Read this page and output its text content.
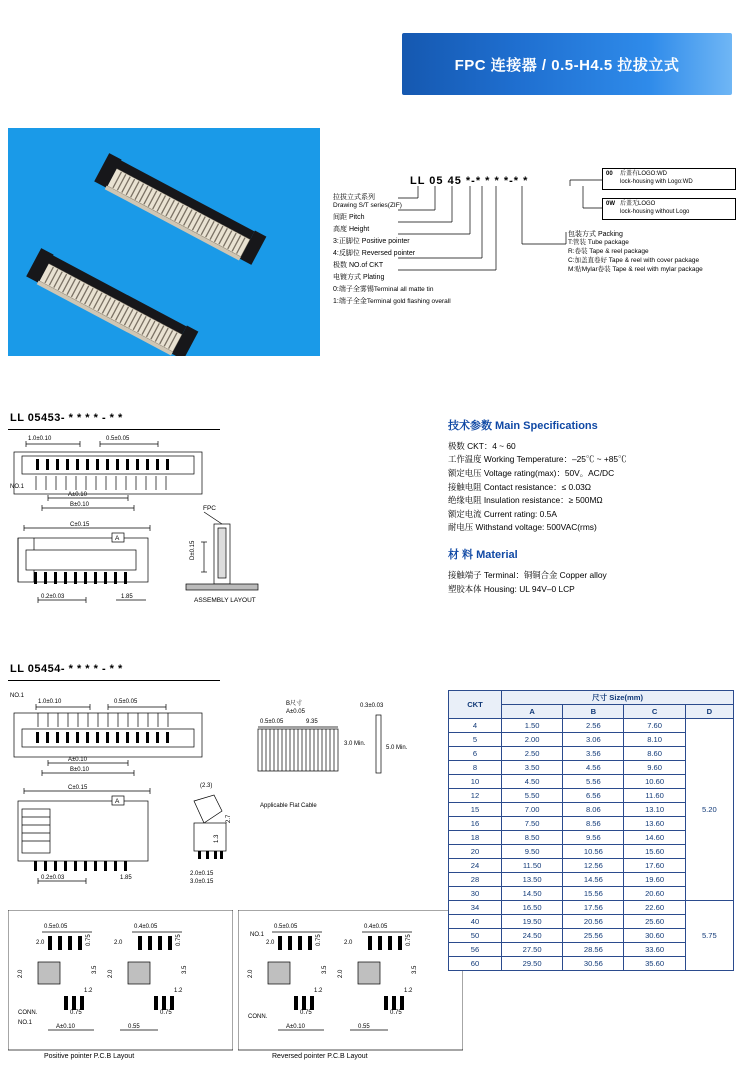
FPC 连接器 / 0.5-H4.5 拉拔立式
LL 05 45 *-* * * *-* *
拉拔立式系列
Drawing S/T series(ZIF)
间距 Pitch
高度 Height
3:正脚位 Positive pointer
4:反脚位 Reversed pointer
极数 NO.of CKT
电镀方式 Plating
0:端子全雾锡Terminal all matte tin
1:端子全金Terminal gold flashing overall
包装方式 Packing
T:管装 Tube package
R:卷装 Tape & reel package
C:加盖直卷好 Tape & reel with cover package
M:贴Mylar卷装 Tape & reel with mylar package
00 后盖有LOGO:WD
lock-housing with Logo:WD
0W 后盖无LOGO
lock-housing without Logo
技术参数 Main Specifications
极数 CKT：4 ~ 60
工作温度 Working Temperature：–25℃ ~ +85℃
额定电压 Voltage rating(max)：50V。AC/DC
接触电阻 Contact resistance：≤ 0.03Ω
绝缘电阻 Insulation resistance：≥ 500MΩ
额定电流 Current rating: 0.5A
耐电压 Withstand voltage: 500VAC(rms)
材 料 Material
接触端子 Terminal：铜铜合金 Copper alloy
塑胶本体 Housing: UL 94V–0 LCP
LL 05453- * * * * - * *
1.0±0.10	0.5±0.05
NO.1
A±0.10
B±0.10
C±0.15
A
0.2±0.03	1.85
FPC
D±0.15
ASSEMBLY LAYOUT
LL 05454- * * * * - * *
NO.1
1.0±0.10	0.5±0.05
A±0.10
B±0.10
C±0.15
A
0.2±0.03	1.85
B尺寸
A±0.05
0.5±0.05	9.35
3.0 Min.
0.3±0.03
5.0 Min.
Applicable Flat Cable
(2.3)
2.7
1.3
2.0±0.15
3.0±0.15
0.5±0.05	0.4±0.05
2.0	2.0
0.75	0.75
2.0	2.0
3.5	3.5
1.2	1.2
CONN.
NO.1
0.75	0.75
A±0.10	0.55
Positive pointer P.C.B Layout
0.5±0.05	0.4±0.05
NO.1
2.0	2.0
0.75	0.75
2.0	2.0
3.5	3.5
1.2	1.2
CONN.
0.75	0.75
A±0.10	0.55
Reversed pointer P.C.B Layout
CKT	尺寸 Size(mm)			
	A	B	C	D
4	1.50	2.56	7.60	5.20
5	2.00	3.06	8.10	
6	2.50	3.56	8.60	
8	3.50	4.56	9.60	
10	4.50	5.56	10.60	
12	5.50	6.56	11.60	
15	7.00	8.06	13.10	
16	7.50	8.56	13.60	
18	8.50	9.56	14.60	
20	9.50	10.56	15.60	
24	11.50	12.56	17.60	
28	13.50	14.56	19.60	
30	14.50	15.56	20.60	
34	16.50	17.56	22.60	5.75
40	19.50	20.56	25.60	
50	24.50	25.56	30.60	
56	27.50	28.56	33.60	
60	29.50	30.56	35.60	
